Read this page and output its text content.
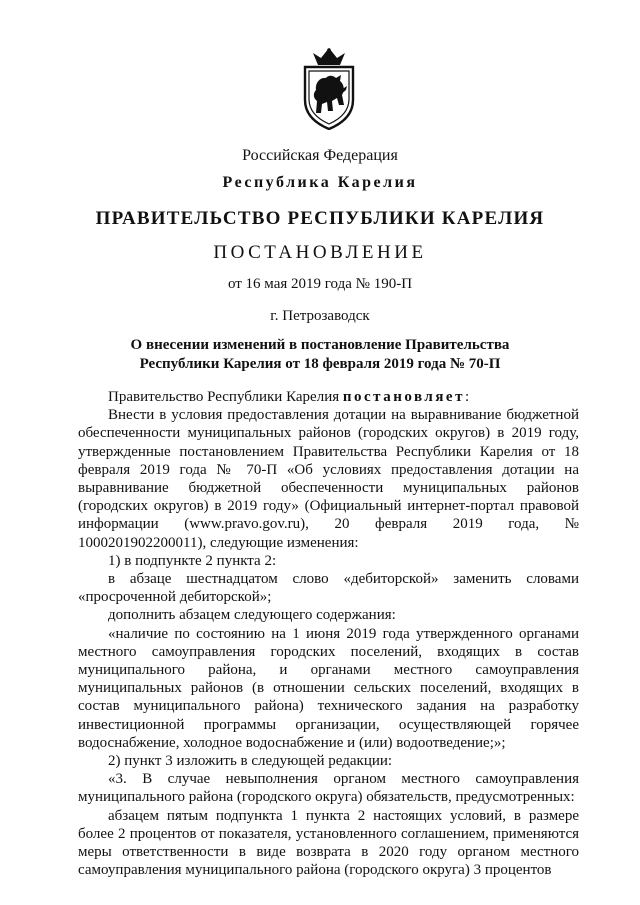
Российская Федерация
Республика Карелия
ПРАВИТЕЛЬСТВО РЕСПУБЛИКИ КАРЕЛИЯ
ПОСТАНОВЛЕНИЕ
от 16 мая 2019 года № 190-П
г. Петрозаводск
О внесении изменений в постановление Правительства
Республики Карелия от 18 февраля 2019 года № 70-П

Правительство Республики Карелия постановляет:

Внести в условия предоставления дотации на выравнивание бюджетной обеспеченности муниципальных районов (городских округов) в 2019 году, утвержденные постановлением Правительства Республики Карелия от 18 февраля 2019 года № 70-П «Об условиях предоставления дотации на выравнивание бюджетной обеспеченности муниципальных районов (городских округов) в 2019 году» (Официальный интернет-портал правовой информации (www.pravo.gov.ru), 20 февраля 2019 года, № 1000201902200011), следующие изменения:

1) в подпункте 2 пункта 2:

в абзаце шестнадцатом слово «дебиторской» заменить словами «просроченной дебиторской»;

дополнить абзацем следующего содержания:

«наличие по состоянию на 1 июня 2019 года утвержденного органами местного самоуправления городских поселений, входящих в состав муниципального района, и органами местного самоуправления муниципальных районов (в отношении сельских поселений, входящих в состав муниципального района) технического задания на разработку инвестиционной программы организации, осуществляющей горячее водоснабжение, холодное водоснабжение и (или) водоотведение;»;

2) пункт 3 изложить в следующей редакции:

«3. В случае невыполнения органом местного самоуправления муниципального района (городского округа) обязательств, предусмотренных:

абзацем пятым подпункта 1 пункта 2 настоящих условий, в размере более 2 процентов от показателя, установленного соглашением, применяются меры ответственности в виде возврата в 2020 году органом местного самоуправления муниципального района (городского округа) 3 процентов
